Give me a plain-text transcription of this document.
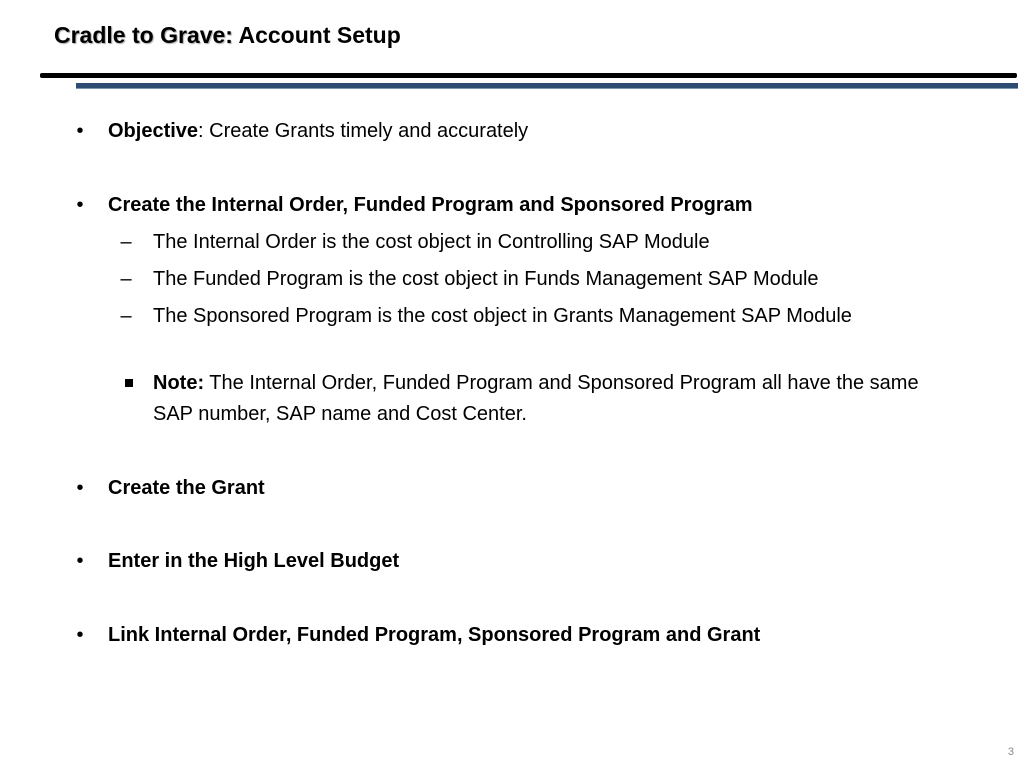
Cradle to Grave: Account Setup
•	Objective: Create Grants timely and accurately
•	Create the Internal Order, Funded Program and Sponsored Program
– The Internal Order is the cost object in Controlling SAP Module
– The Funded Program is the cost object in Funds Management SAP Module
– The Sponsored Program is the cost object in Grants Management SAP Module
Note: The Internal Order, Funded Program and Sponsored Program all have the same SAP number, SAP name and Cost Center.
•	Create the Grant
•	Enter in the High Level Budget
•	Link Internal Order, Funded Program, Sponsored Program and Grant
3
